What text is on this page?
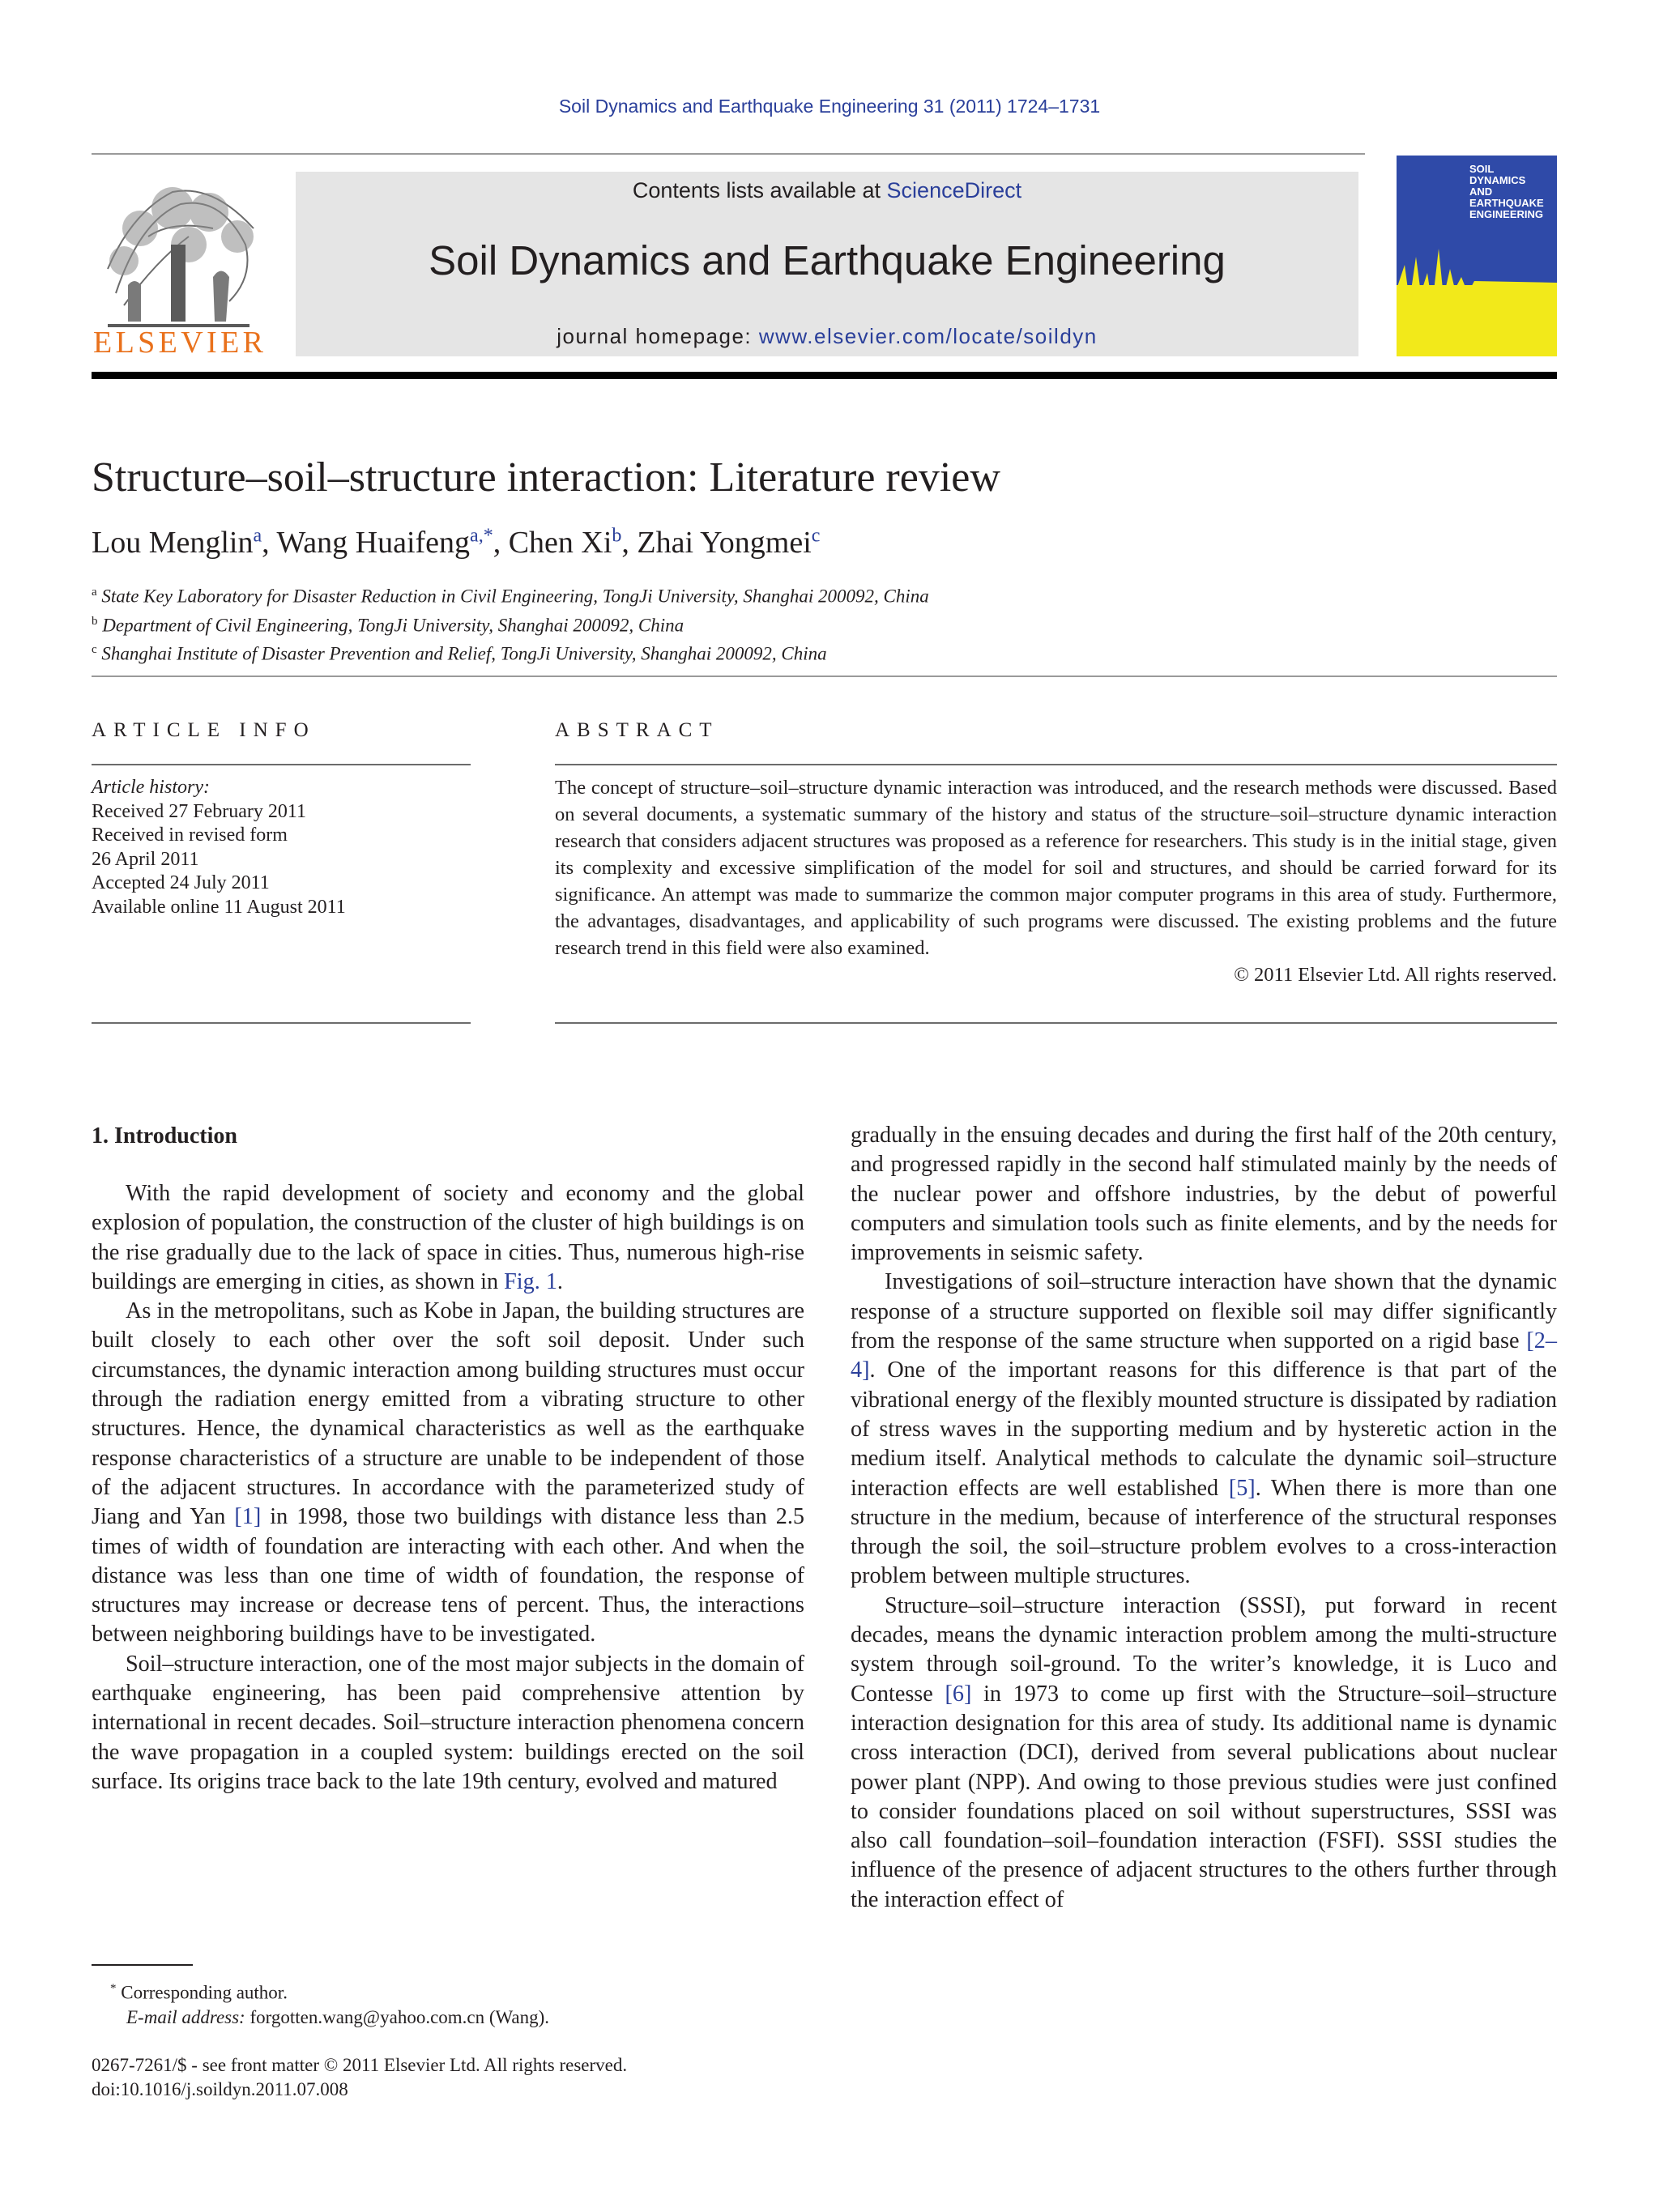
Soil Dynamics and Earthquake Engineering 31 (2011) 1724–1731
ELSEVIER
Contents lists available at ScienceDirect
Soil Dynamics and Earthquake Engineering
journal homepage: www.elsevier.com/locate/soildyn
SOIL
DYNAMICS
AND
EARTHQUAKE
ENGINEERING
Structure–soil–structure interaction: Literature review
Lou Menglin$^a$, Wang Huaifeng$^{a,*}$, Chen Xi$^b$, Zhai Yongmei$^c$
$^a$ State Key Laboratory for Disaster Reduction in Civil Engineering, TongJi University, Shanghai 200092, China
$^b$ Department of Civil Engineering, TongJi University, Shanghai 200092, China
$^c$ Shanghai Institute of Disaster Prevention and Relief, TongJi University, Shanghai 200092, China
ARTICLE INFO
Article history:
Received 27 February 2011
Received in revised form
26 April 2011
Accepted 24 July 2011
Available online 11 August 2011
ABSTRACT
The concept of structure–soil–structure dynamic interaction was introduced, and the research methods were discussed. Based on several documents, a systematic summary of the history and status of the structure–soil–structure dynamic interaction research that considers adjacent structures was proposed as a reference for researchers. This study is in the initial stage, given its complexity and excessive simplification of the model for soil and structures, and should be carried forward for its significance. An attempt was made to summarize the common major computer programs in this area of study. Furthermore, the advantages, disadvantages, and applicability of such programs were discussed. The existing problems and the future research trend in this field were also examined.
© 2011 Elsevier Ltd. All rights reserved.
1. Introduction

With the rapid development of society and economy and the global explosion of population, the construction of the cluster of high buildings is on the rise gradually due to the lack of space in cities. Thus, numerous high-rise buildings are emerging in cities, as shown in Fig. 1.

As in the metropolitans, such as Kobe in Japan, the building structures are built closely to each other over the soft soil deposit. Under such circumstances, the dynamic interaction among building structures must occur through the radiation energy emitted from a vibrating structure to other structures. Hence, the dynamical characteristics as well as the earthquake response characteristics of a structure are unable to be independent of those of the adjacent structures. In accordance with the parameterized study of Jiang and Yan [1] in 1998, those two buildings with distance less than 2.5 times of width of foundation are interacting with each other. And when the distance was less than one time of width of foundation, the response of structures may increase or decrease tens of percent. Thus, the interactions between neighboring buildings have to be investigated.

Soil–structure interaction, one of the most major subjects in the domain of earthquake engineering, has been paid comprehensive attention by international in recent decades. Soil–structure interaction phenomena concern the wave propagation in a coupled system: buildings erected on the soil surface. Its origins trace back to the late 19th century, evolved and matured

gradually in the ensuing decades and during the first half of the 20th century, and progressed rapidly in the second half stimulated mainly by the needs of the nuclear power and offshore industries, by the debut of powerful computers and simulation tools such as finite elements, and by the needs for improvements in seismic safety.

Investigations of soil–structure interaction have shown that the dynamic response of a structure supported on flexible soil may differ significantly from the response of the same structure when supported on a rigid base [2–4]. One of the important reasons for this difference is that part of the vibrational energy of the flexibly mounted structure is dissipated by radiation of stress waves in the supporting medium and by hysteretic action in the medium itself. Analytical methods to calculate the dynamic soil–structure interaction effects are well established [5]. When there is more than one structure in the medium, because of interference of the structural responses through the soil, the soil–structure problem evolves to a cross-interaction problem between multiple structures.

Structure–soil–structure interaction (SSSI), put forward in recent decades, means the dynamic interaction problem among the multi-structure system through soil-ground. To the writer’s knowledge, it is Luco and Contesse [6] in 1973 to come up first with the Structure–soil–structure interaction designation for this area of study. Its additional name is dynamic cross interaction (DCI), derived from several publications about nuclear power plant (NPP). And owing to those previous studies were just confined to consider foundations placed on soil without superstructures, SSSI was also call foundation–soil–foundation interaction (FSFI). SSSI studies the influence of the presence of adjacent structures to the others further through the interaction effect of

* Corresponding author.
E-mail address: forgotten.wang@yahoo.com.cn (Wang).
0267-7261/$ - see front matter © 2011 Elsevier Ltd. All rights reserved.
doi:10.1016/j.soildyn.2011.07.008
